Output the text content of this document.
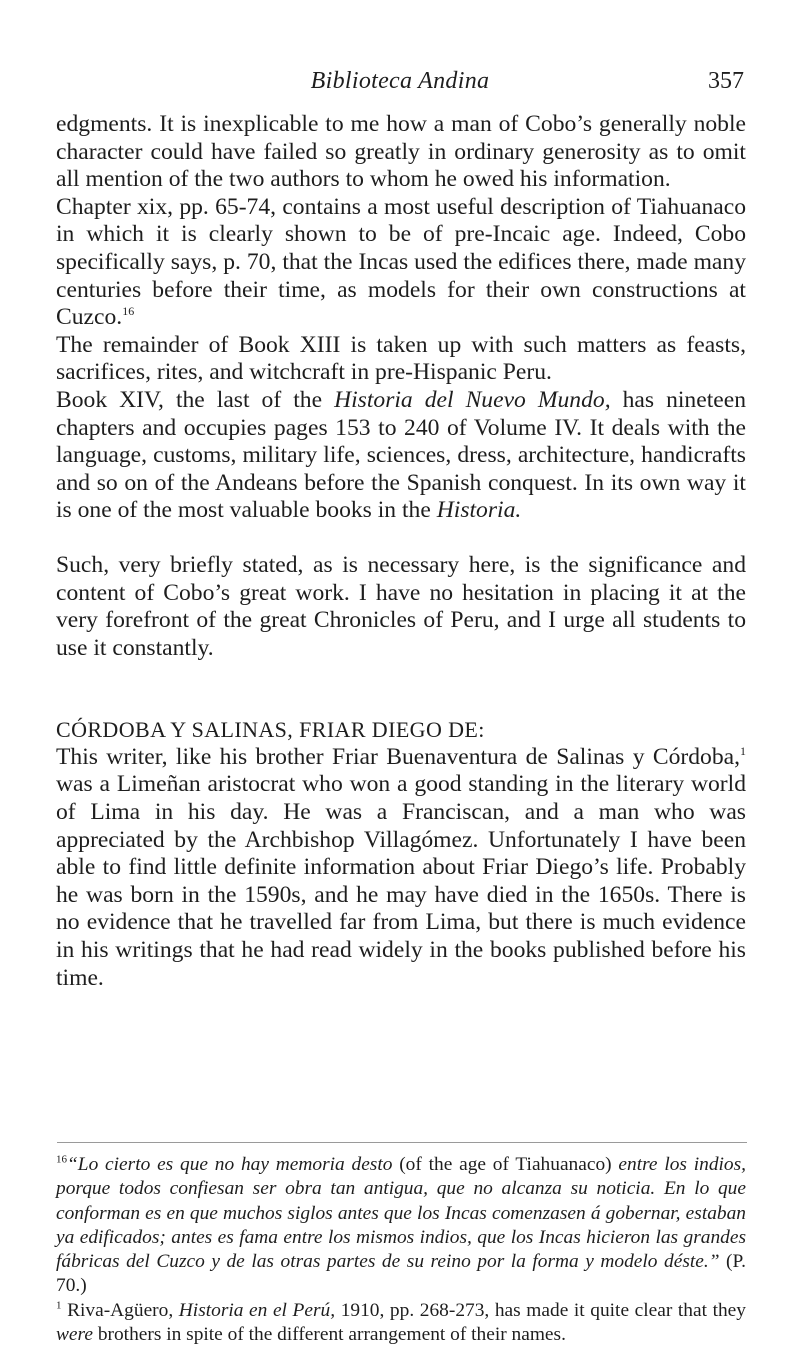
Biblioteca Andina	357

edgments. It is inexplicable to me how a man of Cobo’s generally noble character could have failed so greatly in ordinary generosity as to omit all mention of the two authors to whom he owed his information.

Chapter xix, pp. 65-74, contains a most useful description of Tiahuanaco in which it is clearly shown to be of pre-Incaic age. Indeed, Cobo specifically says, p. 70, that the Incas used the edifices there, made many centuries before their time, as models for their own constructions at Cuzco.$^{16}$

The remainder of Book XIII is taken up with such matters as feasts, sacrifices, rites, and witchcraft in pre-Hispanic Peru.

Book XIV, the last of the Historia del Nuevo Mundo, has nineteen chapters and occupies pages 153 to 240 of Volume IV. It deals with the language, customs, military life, sciences, dress, architecture, handicrafts and so on of the Andeans before the Spanish conquest. In its own way it is one of the most valuable books in the Historia.

Such, very briefly stated, as is necessary here, is the significance and content of Cobo’s great work. I have no hesitation in placing it at the very forefront of the great Chronicles of Peru, and I urge all students to use it constantly.

CÓRDOBA Y SALINAS, FRIAR DIEGO DE:

This writer, like his brother Friar Buenaventura de Salinas y Córdoba,$^1$ was a Limeñan aristocrat who won a good standing in the literary world of Lima in his day. He was a Franciscan, and a man who was appreciated by the Archbishop Villagómez. Unfortunately I have been able to find little definite information about Friar Diego’s life. Probably he was born in the 1590s, and he may have died in the 1650s. There is no evidence that he travelled far from Lima, but there is much evidence in his writings that he had read widely in the books published before his time.

$^{16}$“Lo cierto es que no hay memoria desto (of the age of Tiahuanaco) entre los indios, porque todos confiesan ser obra tan antigua, que no alcanza su noticia. En lo que conforman es en que muchos siglos antes que los Incas comenzasen á gobernar, estaban ya edificados; antes es fama entre los mismos indios, que los Incas hicieron las grandes fábricas del Cuzco y de las otras partes de su reino por la forma y modelo déste.” (P. 70.)

$^1$ Riva-Agüero, Historia en el Perú, 1910, pp. 268-273, has made it quite clear that they were brothers in spite of the different arrangement of their names.
